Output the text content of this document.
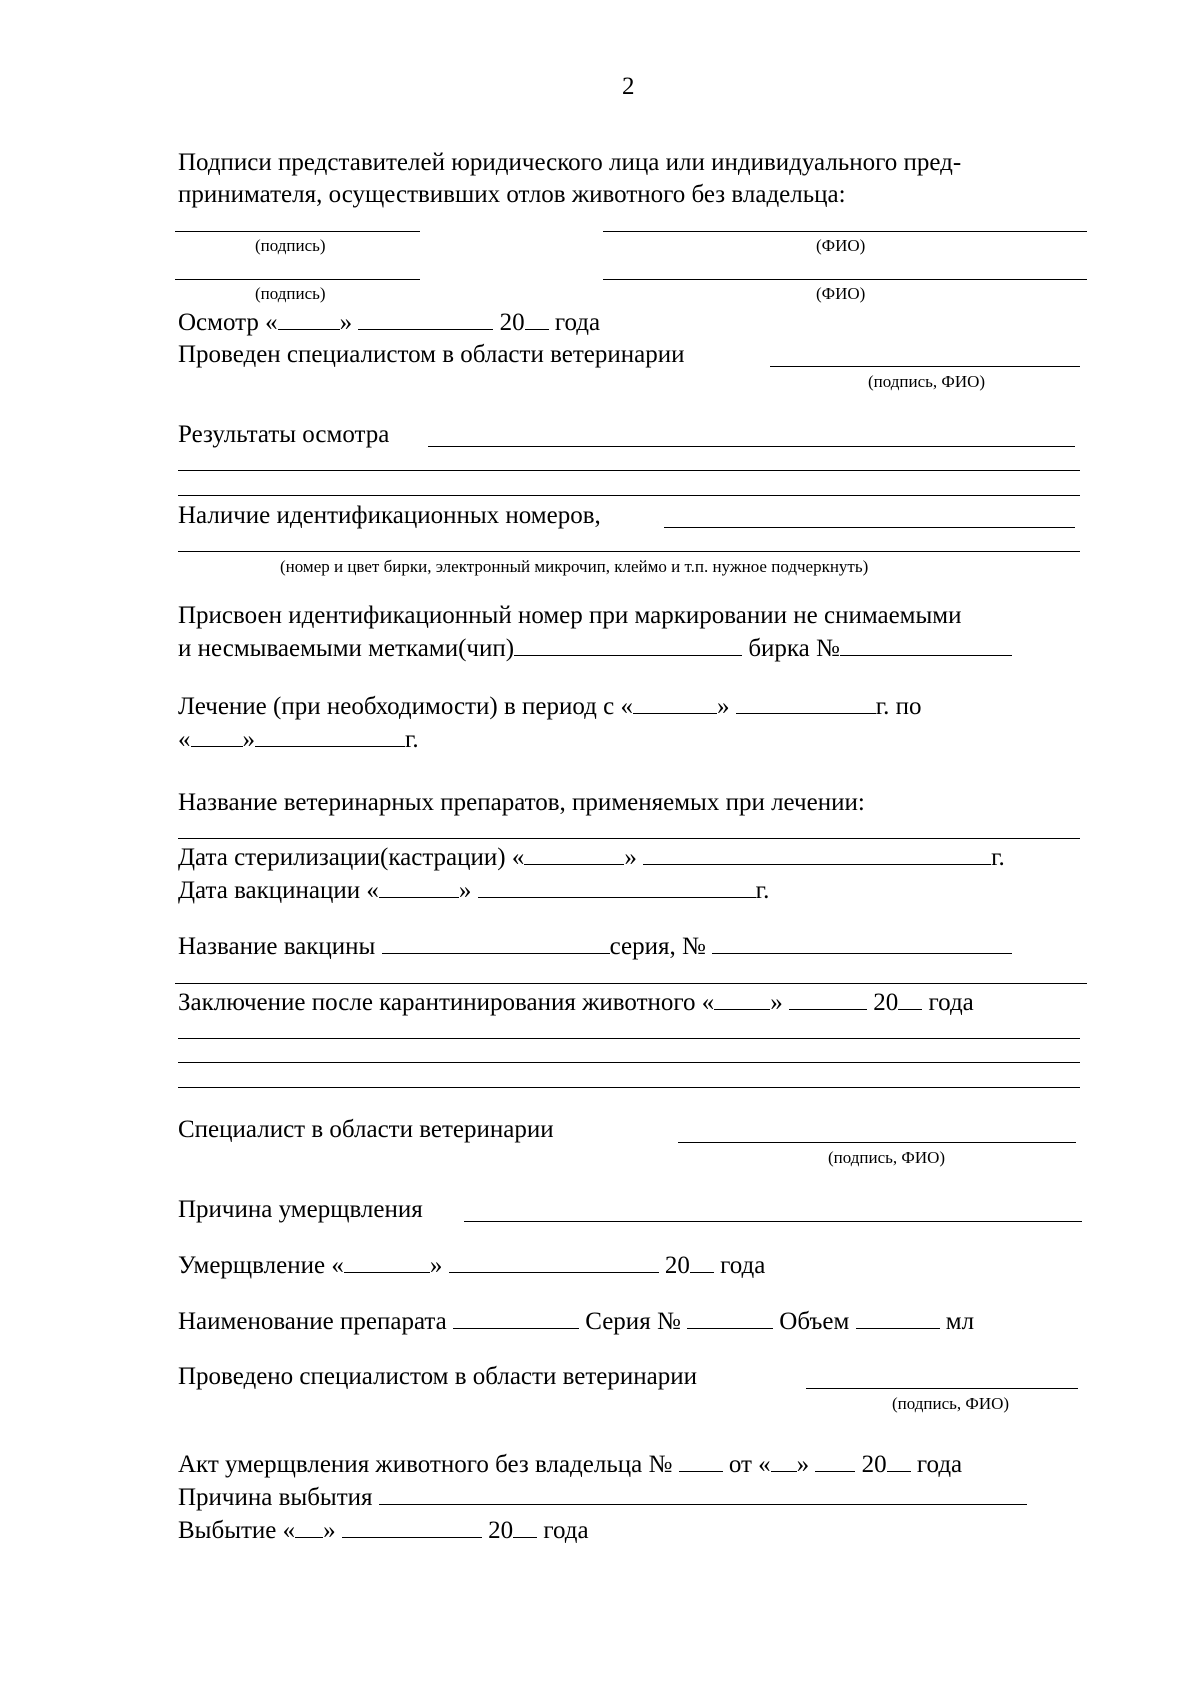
2
Подписи представителей юридического лица или индивидуального пред-
принимателя, осуществивших отлов животного без владельца:
(подпись)	(ФИО)
(подпись)	(ФИО)
Осмотр « »	20 года
Проведен специалистом в области ветеринарии
(подпись, ФИО)
Результаты осмотра
Наличие идентификационных номеров,
(номер и цвет бирки, электронный микрочип, клеймо и т.п. нужное подчеркнуть)
Присвоен идентификационный номер при маркировании не снимаемыми
и несмываемыми метками(чип)	бирка №
Лечение (при необходимости) в период с «	»	г. по
« »	г.
Название ветеринарных препаратов, применяемых при лечении:
Дата стерилизации(кастрации) «	»	г.
Дата вакцинации «	»	г.
Название вакцины	серия, №
Заключение после карантинирования животного « »	20 года
Специалист в области ветеринарии
(подпись, ФИО)
Причина умерщвления
Умерщвление «	»	20 года
Наименование препарата	Серия №	Объем	мл
Проведено специалистом в области ветеринарии
(подпись, ФИО)
Акт умерщвления животного без владельца № от « » 20 года
Причина выбытия
Выбытие « »	20 года
